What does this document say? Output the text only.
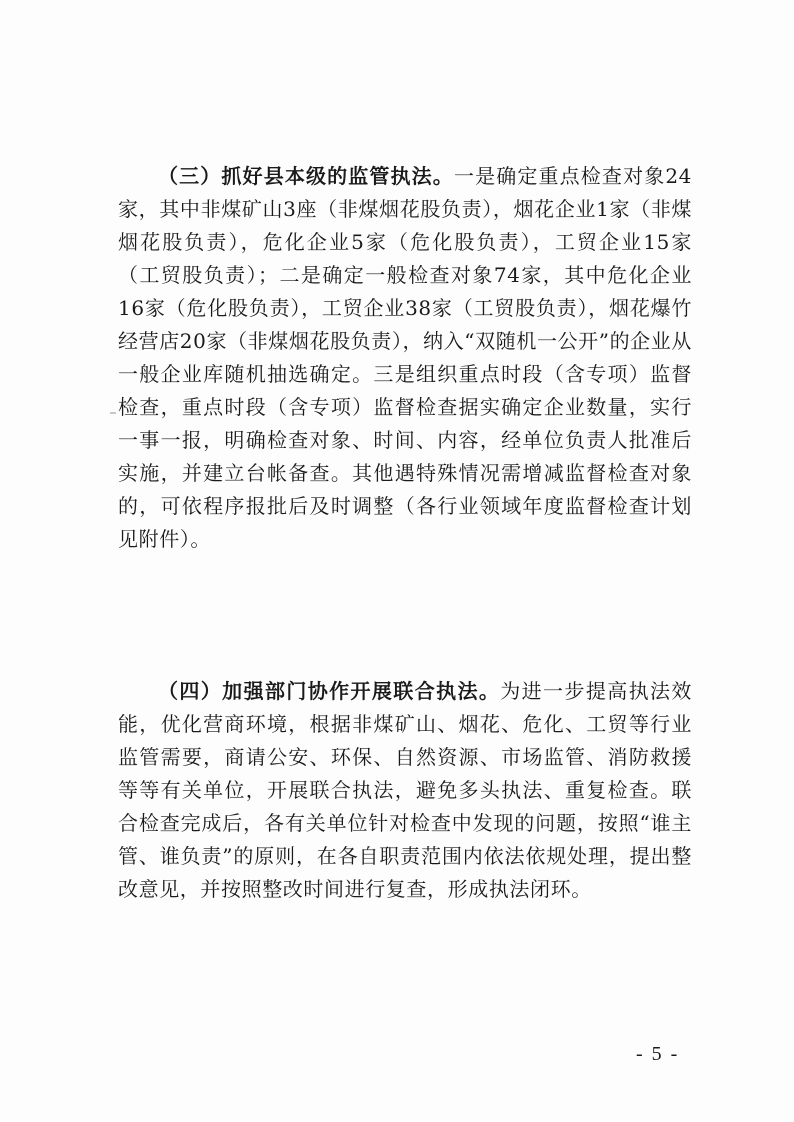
（三）抓好县本级的监管执法。一是确定重点检查对象24家，其中非煤矿山3座（非煤烟花股负责），烟花企业1家（非煤烟花股负责），危化企业5家（危化股负责），工贸企业15家（工贸股负责）；二是确定一般检查对象74家，其中危化企业16家（危化股负责），工贸企业38家（工贸股负责），烟花爆竹经营店20家（非煤烟花股负责），纳入“双随机一公开”的企业从一般企业库随机抽选确定。三是组织重点时段（含专项）监督检查，重点时段（含专项）监督检查据实确定企业数量，实行一事一报，明确检查对象、时间、内容，经单位负责人批准后实施，并建立台帐备查。其他遇特殊情况需增减监督检查对象的，可依程序报批后及时调整（各行业领域年度监督检查计划见附件）。

（四）加强部门协作开展联合执法。为进一步提高执法效能，优化营商环境，根据非煤矿山、烟花、危化、工贸等行业监管需要，商请公安、环保、自然资源、市场监管、消防救援等等有关单位，开展联合执法，避免多头执法、重复检查。联合检查完成后，各有关单位针对检查中发现的问题，按照“谁主管、谁负责”的原则，在各自职责范围内依法依规处理，提出整改意见，并按照整改时间进行复查，形成执法闭环。

- 5 -
